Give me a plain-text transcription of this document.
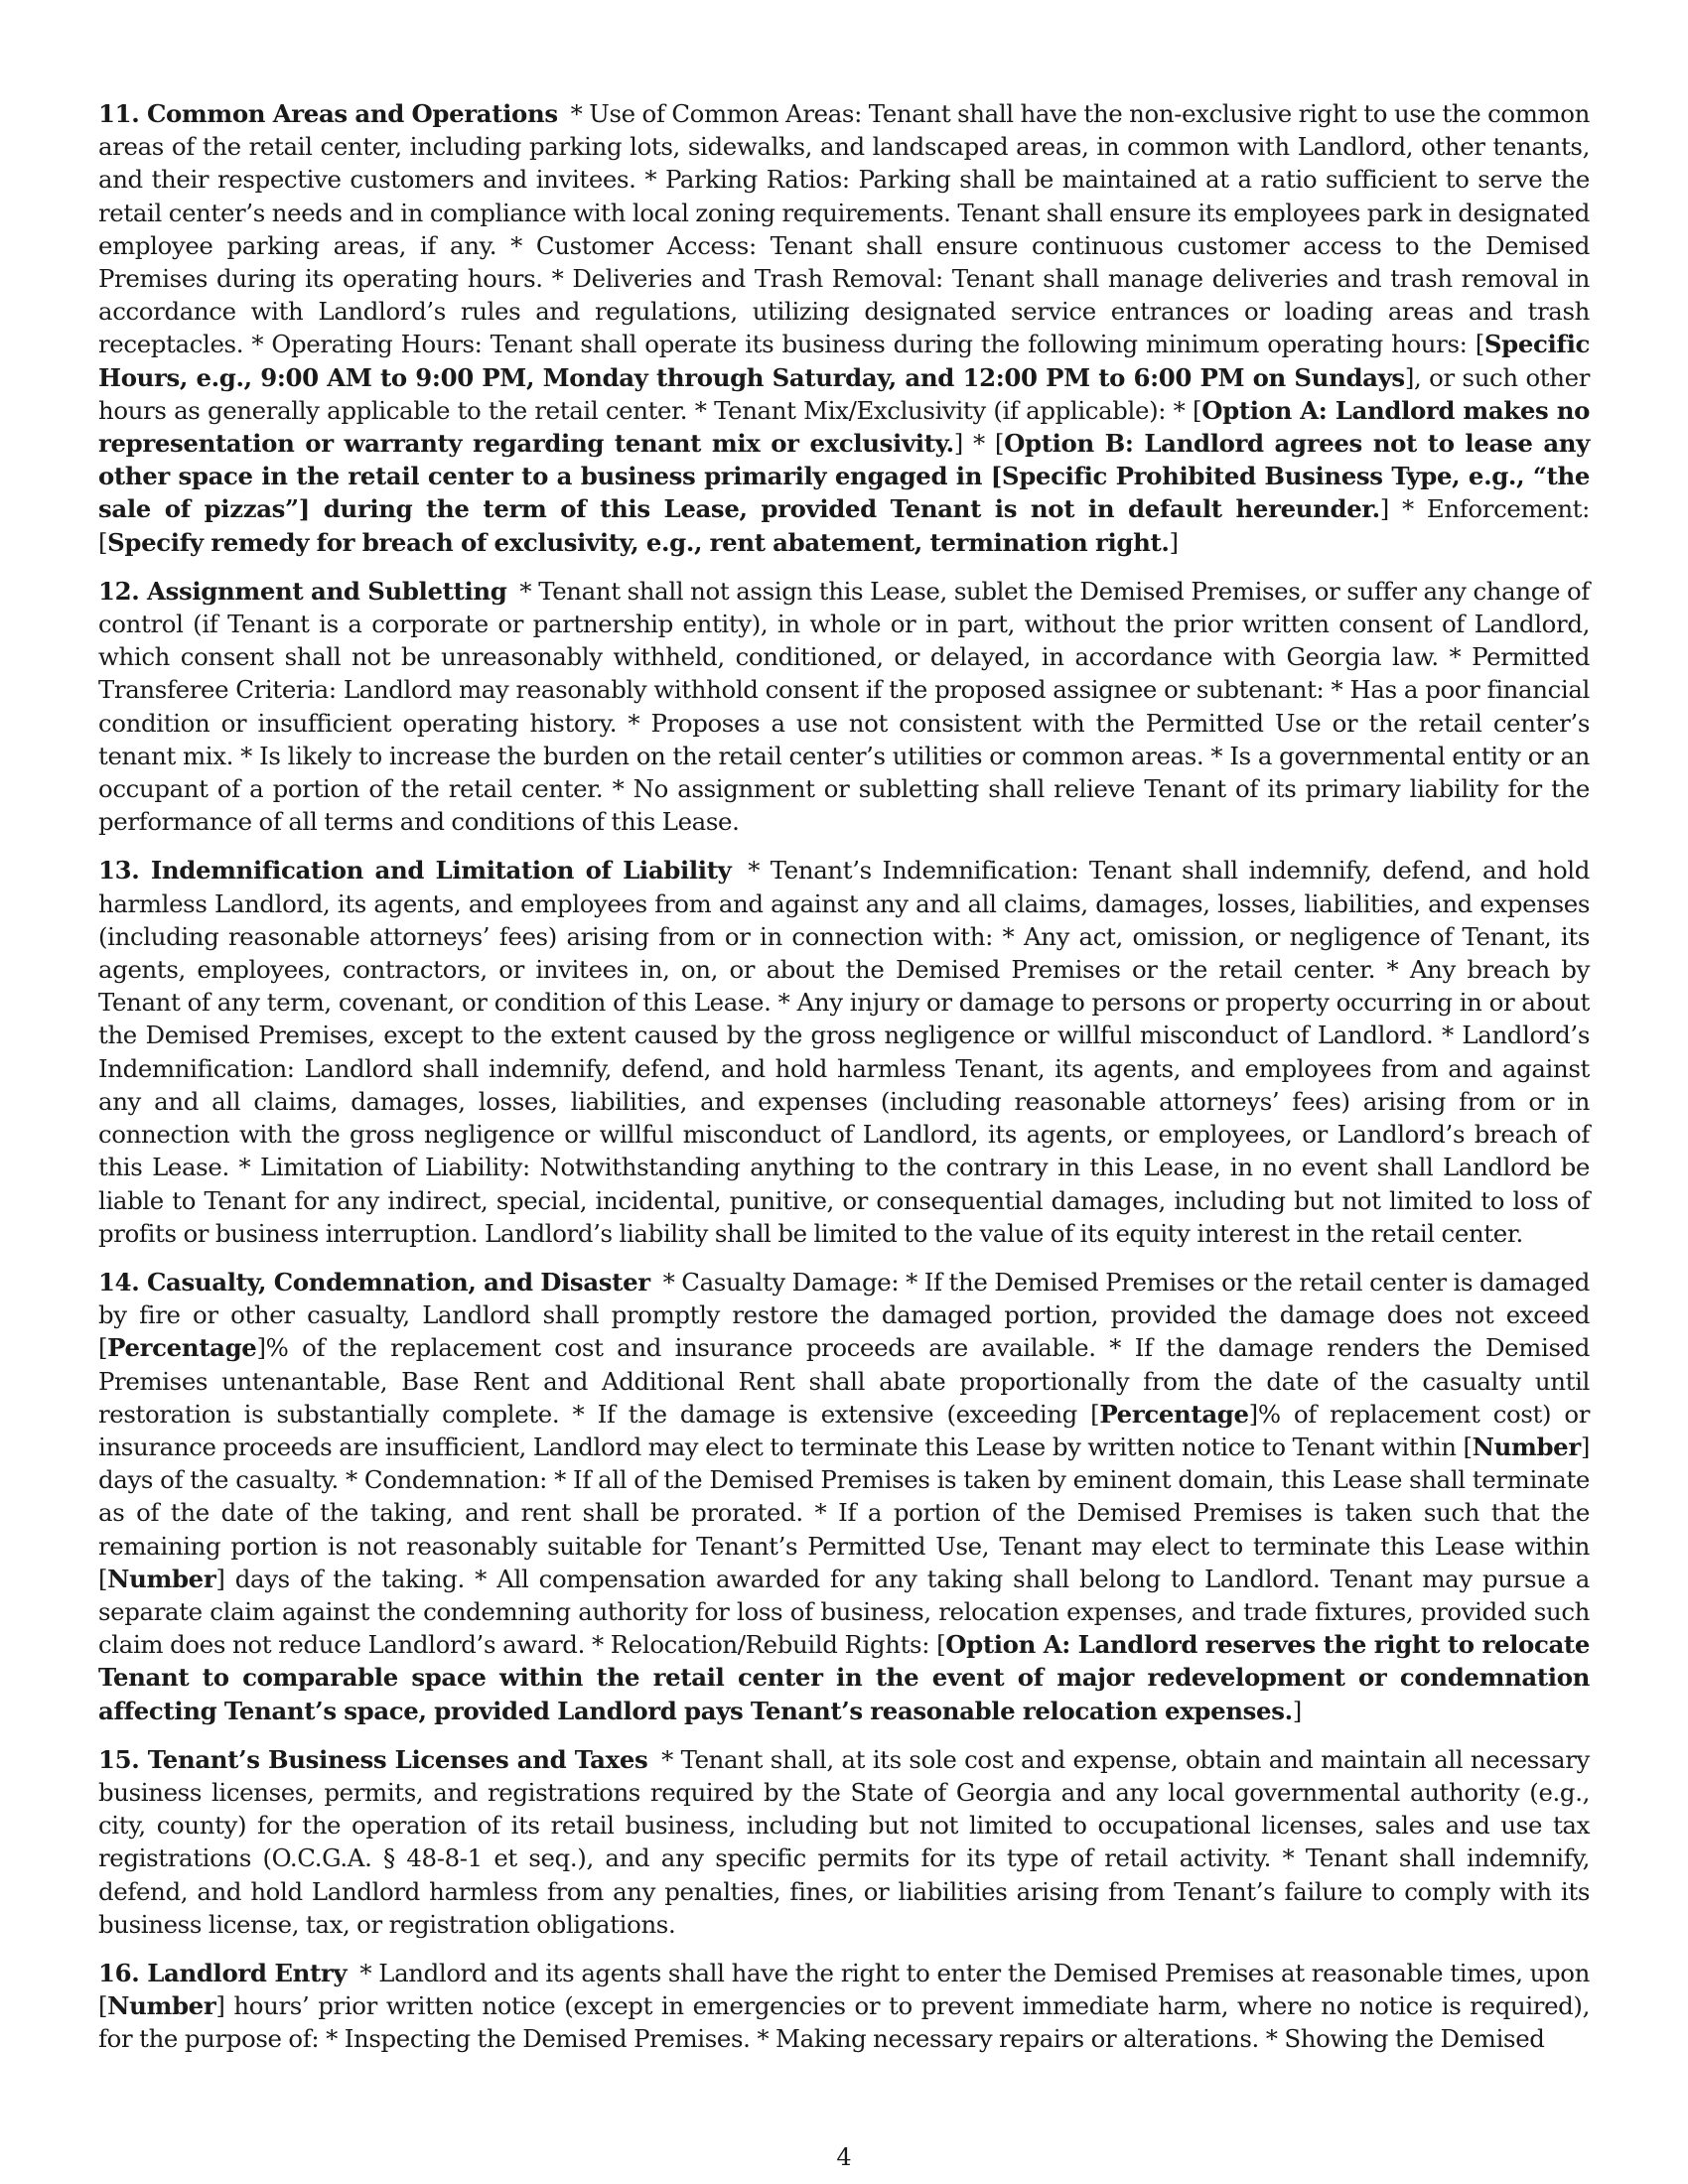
11. Common Areas and Operations * Use of Common Areas: Tenant shall have the non-exclusive right to use the common areas of the retail center, including parking lots, sidewalks, and landscaped areas, in common with Landlord, other tenants, and their respective customers and invitees. * Parking Ratios: Parking shall be maintained at a ratio sufficient to serve the retail center’s needs and in compliance with local zoning requirements. Tenant shall ensure its employees park in designated employee parking areas, if any. * Customer Access: Tenant shall ensure continuous customer access to the Demised Premises during its operating hours. * Deliveries and Trash Removal: Tenant shall manage deliveries and trash removal in accordance with Landlord’s rules and regulations, utilizing designated service entrances or loading areas and trash receptacles. * Operating Hours: Tenant shall operate its business during the following minimum operating hours: [Specific Hours, e.g., 9:00 AM to 9:00 PM, Monday through Saturday, and 12:00 PM to 6:00 PM on Sundays], or such other hours as generally applicable to the retail center. * Tenant Mix/Exclusivity (if applicable): * [Option A: Landlord makes no representation or warranty regarding tenant mix or exclusivity.] * [Option B: Landlord agrees not to lease any other space in the retail center to a business primarily engaged in [Specific Prohibited Business Type, e.g., “the sale of pizzas”] during the term of this Lease, provided Tenant is not in default hereunder.] * Enforcement: [Specify remedy for breach of exclusivity, e.g., rent abatement, termination right.]

12. Assignment and Subletting * Tenant shall not assign this Lease, sublet the Demised Premises, or suffer any change of control (if Tenant is a corporate or partnership entity), in whole or in part, without the prior written consent of Landlord, which consent shall not be unreasonably withheld, conditioned, or delayed, in accordance with Georgia law. * Permitted Transferee Criteria: Landlord may reasonably withhold consent if the proposed assignee or subtenant: * Has a poor financial condition or insufficient operating history. * Proposes a use not consistent with the Permitted Use or the retail center’s tenant mix. * Is likely to increase the burden on the retail center’s utilities or common areas. * Is a governmental entity or an occupant of a portion of the retail center. * No assignment or subletting shall relieve Tenant of its primary liability for the performance of all terms and conditions of this Lease.

13. Indemnification and Limitation of Liability * Tenant’s Indemnification: Tenant shall indemnify, defend, and hold harmless Landlord, its agents, and employees from and against any and all claims, damages, losses, liabilities, and expenses (including reasonable attorneys’ fees) arising from or in connection with: * Any act, omission, or negligence of Tenant, its agents, employees, contractors, or invitees in, on, or about the Demised Premises or the retail center. * Any breach by Tenant of any term, covenant, or condition of this Lease. * Any injury or damage to persons or property occurring in or about the Demised Premises, except to the extent caused by the gross negligence or willful misconduct of Landlord. * Landlord’s Indemnification: Landlord shall indemnify, defend, and hold harmless Tenant, its agents, and employees from and against any and all claims, damages, losses, liabilities, and expenses (including reasonable attorneys’ fees) arising from or in connection with the gross negligence or willful misconduct of Landlord, its agents, or employees, or Landlord’s breach of this Lease. * Limitation of Liability: Notwithstanding anything to the contrary in this Lease, in no event shall Landlord be liable to Tenant for any indirect, special, incidental, punitive, or consequential damages, including but not limited to loss of profits or business interruption. Landlord’s liability shall be limited to the value of its equity interest in the retail center.

14. Casualty, Condemnation, and Disaster * Casualty Damage: * If the Demised Premises or the retail center is damaged by fire or other casualty, Landlord shall promptly restore the damaged portion, provided the damage does not exceed [Percentage]% of the replacement cost and insurance proceeds are available. * If the damage renders the Demised Premises untenantable, Base Rent and Additional Rent shall abate proportionally from the date of the casualty until restoration is substantially complete. * If the damage is extensive (exceeding [Percentage]% of replacement cost) or insurance proceeds are insufficient, Landlord may elect to terminate this Lease by written notice to Tenant within [Number] days of the casualty. * Condemnation: * If all of the Demised Premises is taken by eminent domain, this Lease shall terminate as of the date of the taking, and rent shall be prorated. * If a portion of the Demised Premises is taken such that the remaining portion is not reasonably suitable for Tenant’s Permitted Use, Tenant may elect to terminate this Lease within [Number] days of the taking. * All compensation awarded for any taking shall belong to Landlord. Tenant may pursue a separate claim against the condemning authority for loss of business, relocation expenses, and trade fixtures, provided such claim does not reduce Landlord’s award. * Relocation/Rebuild Rights: [Option A: Landlord reserves the right to relocate Tenant to comparable space within the retail center in the event of major redevelopment or condemnation affecting Tenant’s space, provided Landlord pays Tenant’s reasonable relocation expenses.]

15. Tenant’s Business Licenses and Taxes * Tenant shall, at its sole cost and expense, obtain and maintain all necessary business licenses, permits, and registrations required by the State of Georgia and any local governmental authority (e.g., city, county) for the operation of its retail business, including but not limited to occupational licenses, sales and use tax registrations (O.C.G.A. § 48-8-1 et seq.), and any specific permits for its type of retail activity. * Tenant shall indemnify, defend, and hold Landlord harmless from any penalties, fines, or liabilities arising from Tenant’s failure to comply with its business license, tax, or registration obligations.

16. Landlord Entry * Landlord and its agents shall have the right to enter the Demised Premises at reasonable times, upon [Number] hours’ prior written notice (except in emergencies or to prevent immediate harm, where no notice is required), for the purpose of: * Inspecting the Demised Premises. * Making necessary repairs or alterations. * Showing the Demised

4
